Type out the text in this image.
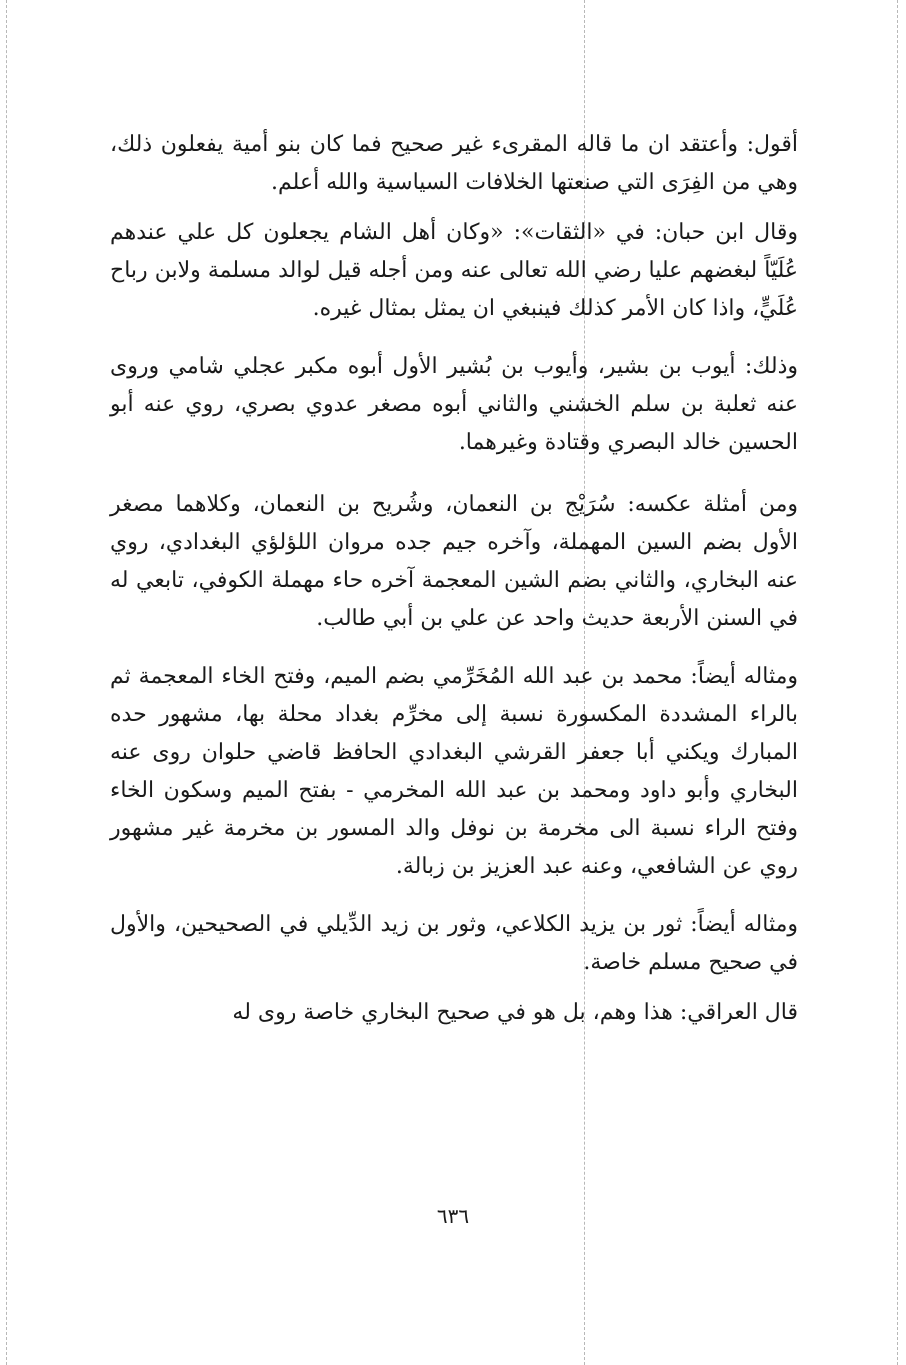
أقول: وأعتقد ان ما قاله المقرىء غير صحيح فما كان بنو أمية يفعلون ذلك، وهي من الفِرَى التي صنعتها الخلافات السياسية والله أعلم.

وقال ابن حبان: في «الثقات»: «وكان أهل الشام يجعلون كل علي عندهم عُلَيّاً لبغضهم عليا رضي الله تعالى عنه ومن أجله قيل لوالد مسلمة ولابن رباح عُلَيٍّ، واذا كان الأمر كذلك فينبغي ان يمثل بمثال غيره.

وذلك: أيوب بن بشير، وأيوب بن بُشير الأول أبوه مكبر عجلي شامي وروى عنه ثعلبة بن سلم الخشني والثاني أبوه مصغر عدوي بصري، روي عنه أبو الحسين خالد البصري وقتادة وغيرهما.

ومن أمثلة عكسه: سُرَيْج بن النعمان، وشُريح بن النعمان، وكلاهما مصغر الأول بضم السين المهملة، وآخره جيم جده مروان اللؤلؤي البغدادي، روي عنه البخاري، والثاني بضم الشين المعجمة آخره حاء مهملة الكوفي، تابعي له في السنن الأربعة حديث واحد عن علي بن أبي طالب.

ومثاله أيضاً: محمد بن عبد الله المُخَرِّمي بضم الميم، وفتح الخاء المعجمة ثم بالراء المشددة المكسورة نسبة إلى مخرِّم بغداد محلة بها، مشهور حده المبارك ويكني أبا جعفر القرشي البغدادي الحافظ قاضي حلوان روى عنه البخاري وأبو داود ومحمد بن عبد الله المخرمي - بفتح الميم وسكون الخاء وفتح الراء نسبة الى مخرمة بن نوفل والد المسور بن مخرمة غير مشهور روي عن الشافعي، وعنه عبد العزيز بن زبالة.

ومثاله أيضاً: ثور بن يزيد الكلاعي، وثور بن زيد الدِّيلي في الصحيحين، والأول في صحيح مسلم خاصة.

قال العراقي: هذا وهم، بل هو في صحيح البخاري خاصة روى له

٦٣٦
